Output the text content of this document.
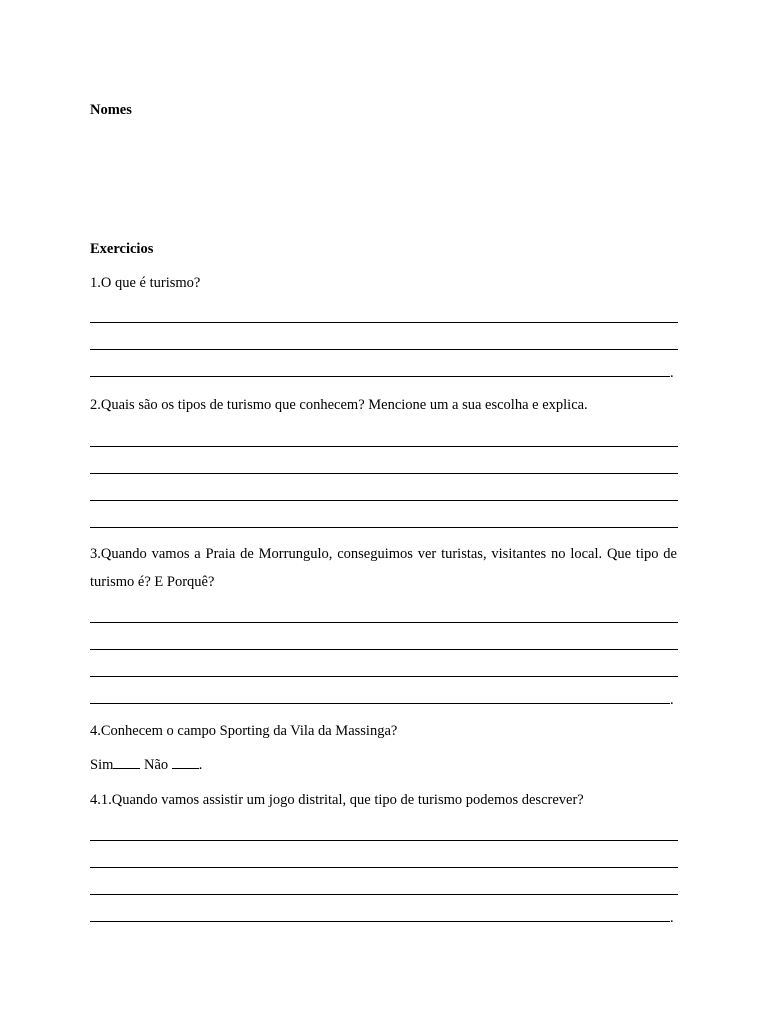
Nomes
Exercicios
1.O que é turismo?
.
2.Quais são os tipos de turismo que conhecem? Mencione um a sua escolha e explica.
3.Quando vamos a Praia de Morrungulo, conseguimos ver turistas, visitantes no local. Que tipo de turismo é? E Porquê?
.
4.Conhecem o campo Sporting da Vila da Massinga?
Sim Não .
4.1.Quando vamos assistir um jogo distrital, que tipo de turismo podemos descrever?
.
